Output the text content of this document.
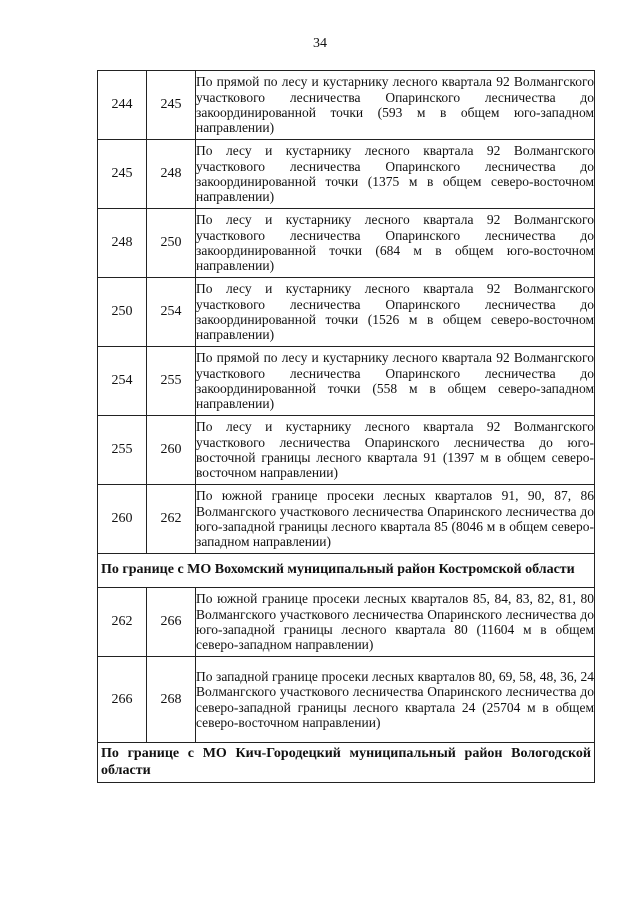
34
244	245	По прямой по лесу и кустарнику лесного квартала 92 Волмангского участкового лесничества Опаринского лесничества до закоординированной точки (593 м в общем юго-западном направлении)
245	248	По лесу и кустарнику лесного квартала 92 Волмангского участкового лесничества Опаринского лесничества до закоординированной точки (1375 м в общем северо-восточном направлении)
248	250	По лесу и кустарнику лесного квартала 92 Волмангского участкового лесничества Опаринского лесничества до закоординированной точки (684 м в общем юго-восточном направлении)
250	254	По лесу и кустарнику лесного квартала 92 Волмангского участкового лесничества Опаринского лесничества до закоординированной точки (1526 м в общем северо-восточном направлении)
254	255	По прямой по лесу и кустарнику лесного квартала 92 Волмангского участкового лесничества Опаринского лесничества до закоординированной точки (558 м в общем северо-западном направлении)
255	260	По лесу и кустарнику лесного квартала 92 Волмангского участкового лесничества Опаринского лесничества до юго-восточной границы лесного квартала 91 (1397 м в общем северо-восточном направлении)
260	262	По южной границе просеки лесных кварталов 91, 90, 87, 86 Волмангского участкового лесничества Опаринского лесничества до юго-западной границы лесного квартала 85 (8046 м в общем северо-западном направлении)
По границе с МО Вохомский муниципальный район Костромской области		
262	266	По южной границе просеки лесных кварталов 85, 84, 83, 82, 81, 80 Волмангского участкового лесничества Опаринского лесничества до юго-западной границы лесного квартала 80 (11604 м в общем северо-западном направлении)
266	268	По западной границе просеки лесных кварталов 80, 69, 58, 48, 36, 24 Волмангского участкового лесничества Опаринского лесничества до северо-западной границы лесного квартала 24 (25704 м в общем северо-восточном направлении)
По границе с МО Кич-Городецкий муниципальный район Вологодской области		
